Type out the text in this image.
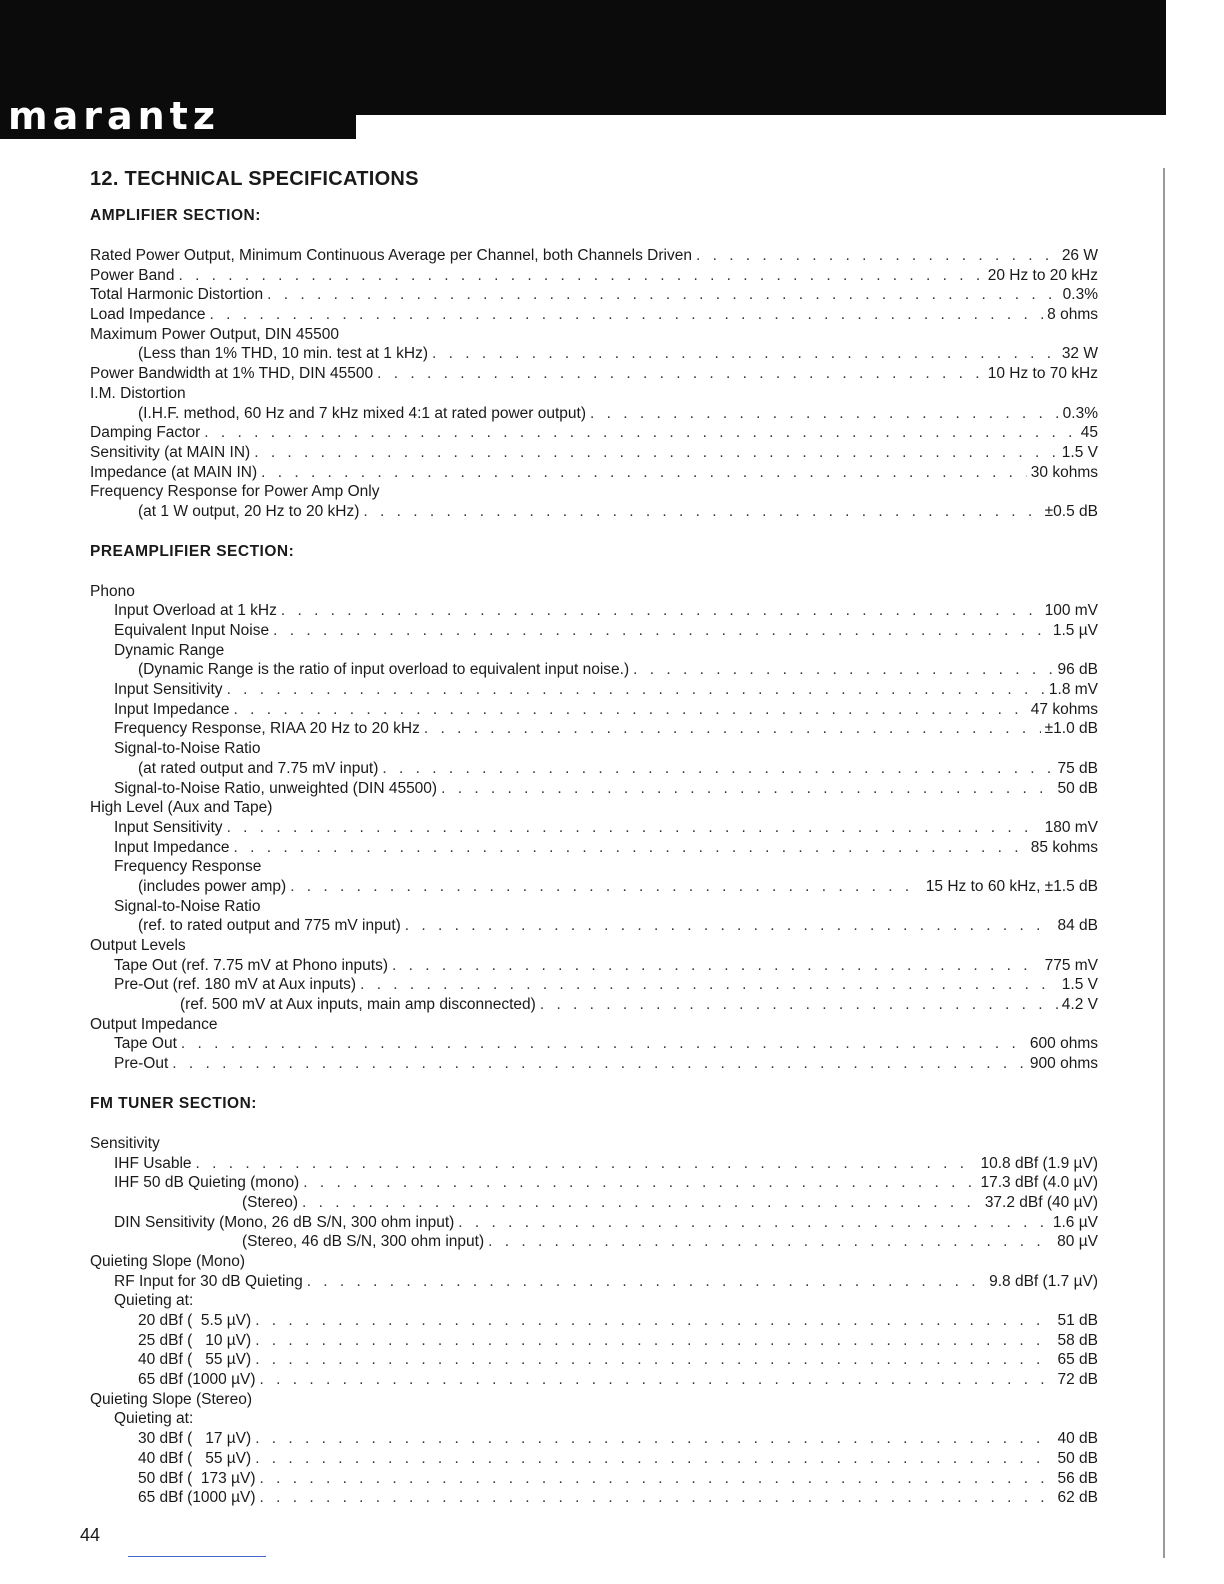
marantz
12. TECHNICAL SPECIFICATIONS
AMPLIFIER SECTION:
Rated Power Output, Minimum Continuous Average per Channel, both Channels Driven . . .	26 W
Power Band . . .	20 Hz to 20 kHz
Total Harmonic Distortion . . .	0.3%
Load Impedance . . .	8 ohms
Maximum Power Output, DIN 45500
(Less than 1% THD, 10 min. test at 1 kHz) . . .	32 W
Power Bandwidth at 1% THD, DIN 45500 . . .	10 Hz to 70 kHz
I.M. Distortion
(I.H.F. method, 60 Hz and 7 kHz mixed 4:1 at rated power output) . . .	0.3%
Damping Factor . . .	45
Sensitivity (at MAIN IN) . . .	1.5 V
Impedance (at MAIN IN) . . .	30 kohms
Frequency Response for Power Amp Only
(at 1 W output, 20 Hz to 20 kHz) . . .	±0.5 dB
PREAMPLIFIER SECTION:
Phono
Input Overload at 1 kHz . . .	100 mV
Equivalent Input Noise . . .	1.5 µV
Dynamic Range
(Dynamic Range is the ratio of input overload to equivalent input noise.) . . .	96 dB
Input Sensitivity . . .	1.8 mV
Input Impedance . . .	47 kohms
Frequency Response, RIAA 20 Hz to 20 kHz . . .	±1.0 dB
Signal-to-Noise Ratio
(at rated output and 7.75 mV input) . . .	75 dB
Signal-to-Noise Ratio, unweighted (DIN 45500) . . .	50 dB
High Level (Aux and Tape)
Input Sensitivity . . .	180 mV
Input Impedance . . .	85 kohms
Frequency Response
(includes power amp) . . .	15 Hz to 60 kHz, ±1.5 dB
Signal-to-Noise Ratio
(ref. to rated output and 775 mV input) . . .	84 dB
Output Levels
Tape Out (ref. 7.75 mV at Phono inputs) . . .	775 mV
Pre-Out (ref. 180 mV at Aux inputs) . . .	1.5 V
(ref. 500 mV at Aux inputs, main amp disconnected) . . .	4.2 V
Output Impedance
Tape Out . . .	600 ohms
Pre-Out . . .	900 ohms
FM TUNER SECTION:
Sensitivity
IHF Usable . . .	10.8 dBf (1.9 µV)
IHF 50 dB Quieting (mono) . . .	17.3 dBf (4.0 µV)
(Stereo) . . .	37.2 dBf (40 µV)
DIN Sensitivity (Mono, 26 dB S/N, 300 ohm input) . . .	1.6 µV
(Stereo, 46 dB S/N, 300 ohm input) . . .	80 µV
Quieting Slope (Mono)
RF Input for 30 dB Quieting . . .	9.8 dBf (1.7 µV)
Quieting at:
20 dBf (  5.5 µV) . . .	51 dB
25 dBf (   10 µV) . . .	58 dB
40 dBf (   55 µV) . . .	65 dB
65 dBf (1000 µV) . . .	72 dB
Quieting Slope (Stereo)
Quieting at:
30 dBf (   17 µV) . . .	40 dB
40 dBf (   55 µV) . . .	50 dB
50 dBf (  173 µV) . . .	56 dB
65 dBf (1000 µV) . . .	62 dB
44
